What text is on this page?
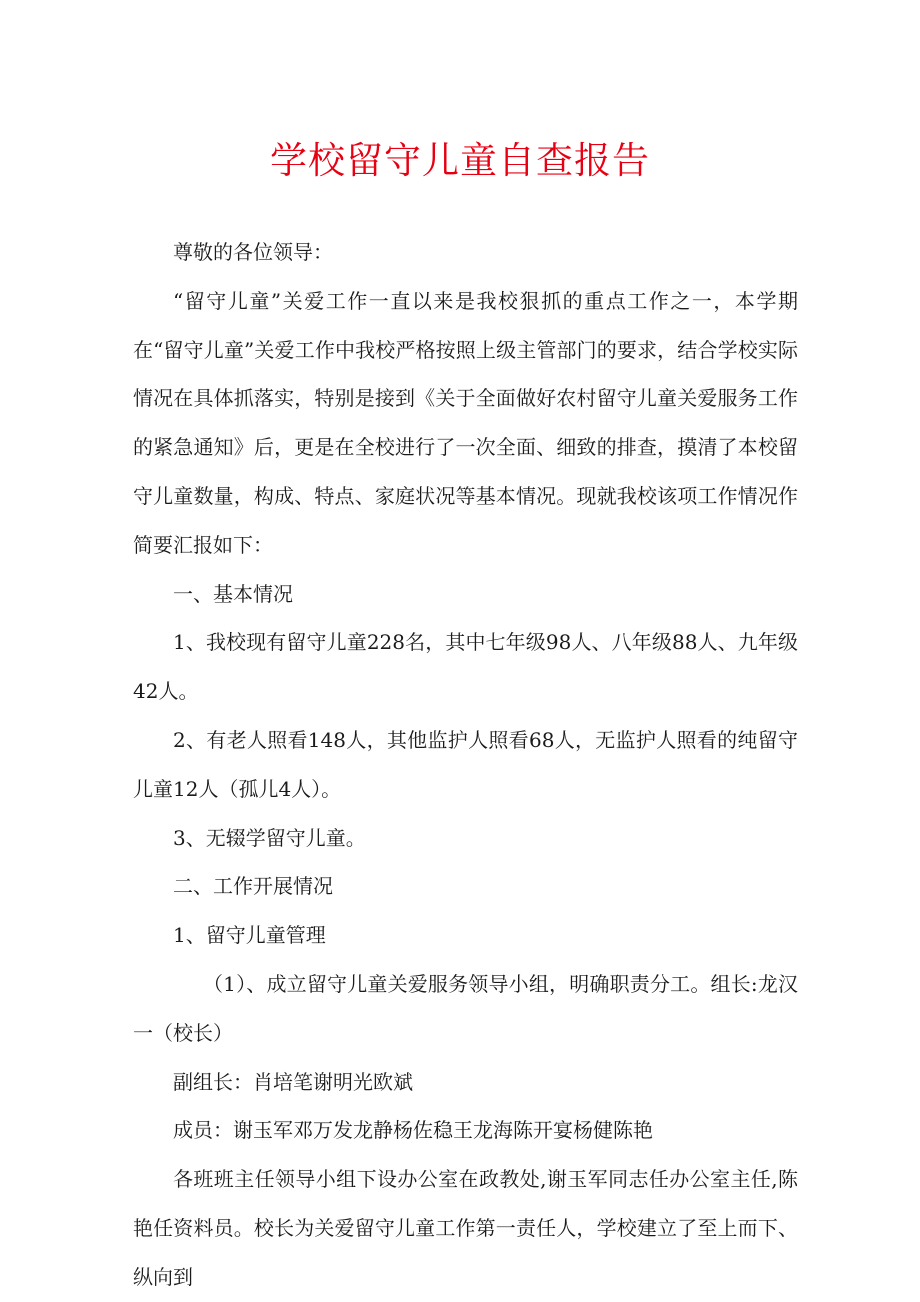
学校留守儿童自查报告

尊敬的各位领导：

“留守儿童”关爱工作一直以来是我校狠抓的重点工作之一，本学期在“留守儿童”关爱工作中我校严格按照上级主管部门的要求，结合学校实际情况在具体抓落实，特别是接到《关于全面做好农村留守儿童关爱服务工作的紧急通知》后，更是在全校进行了一次全面、细致的排查，摸清了本校留守儿童数量，构成、特点、家庭状况等基本情况。现就我校该项工作情况作简要汇报如下：

一、基本情况

1、我校现有留守儿童228名，其中七年级98人、八年级88人、九年级42人。

2、有老人照看148人，其他监护人照看68人，无监护人照看的纯留守儿童12人（孤儿4人）。

3、无辍学留守儿童。

二、工作开展情况

1、留守儿童管理

（1）、成立留守儿童关爱服务领导小组，明确职责分工。组长:龙汉一（校长）

副组长：肖培笔谢明光欧斌

成员：谢玉军邓万发龙静杨佐稳王龙海陈开宴杨健陈艳

各班班主任领导小组下设办公室在政教处,谢玉军同志任办公室主任,陈艳任资料员。校长为关爱留守儿童工作第一责任人，学校建立了至上而下、纵向到
